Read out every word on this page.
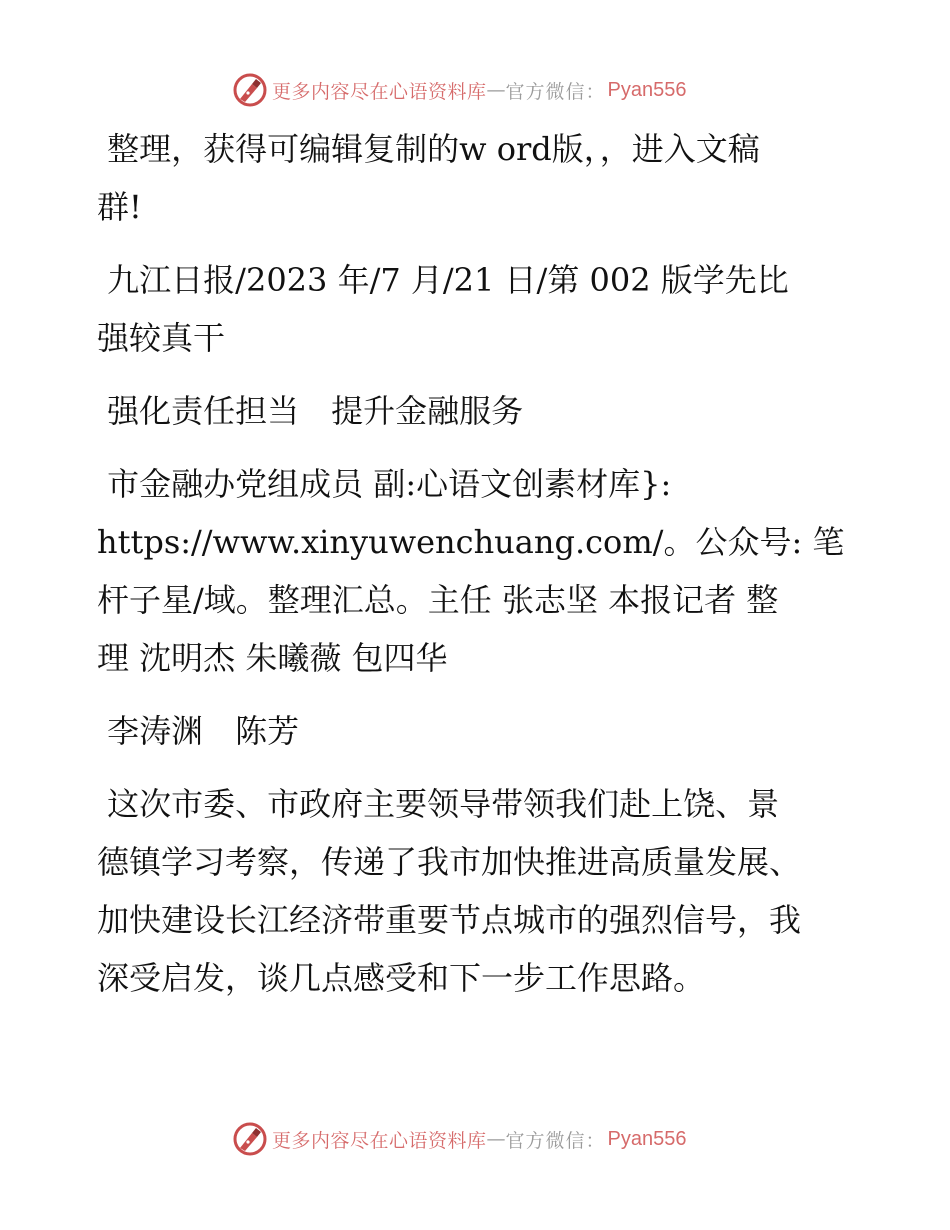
更多内容尽在心语资料库 — 官方微信： Pyan556

整理，获得可编辑复制的w ord版，，进入文稿
群!

九江日报/2023 年/7 月/21 日/第 002 版学先比
强较真干

强化责任担当　提升金融服务

市金融办党组成员 副:心语文创素材库}:
https://www.xinyuwenchuang.com/。公众号: 笔
杆子星/域。整理汇总。主任 张志坚 本报记者 整
理 沈明杰 朱曦薇 包四华

李涛渊　陈芳

这次市委、市政府主要领导带领我们赴上饶、景
德镇学习考察，传递了我市加快推进高质量发展、
加快建设长江经济带重要节点城市的强烈信号，我
深受启发，谈几点感受和下一步工作思路。

更多内容尽在心语资料库 — 官方微信： Pyan556
